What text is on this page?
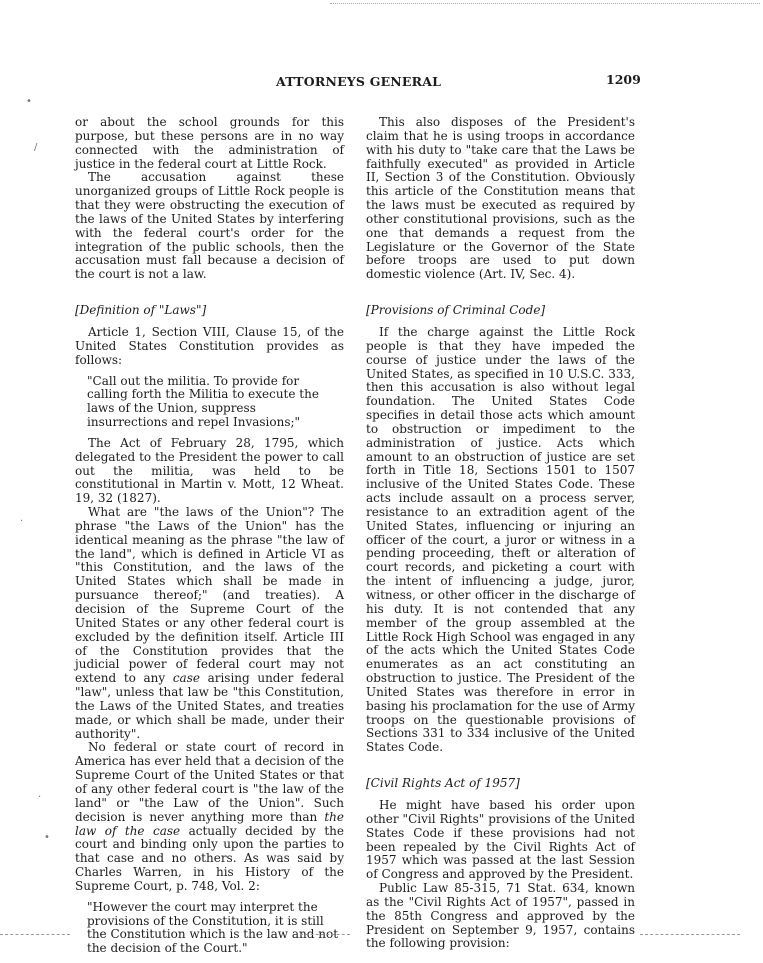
ATTORNEYS GENERAL	1209
•
/
·
·
•

or about the school grounds for this purpose, but these persons are in no way connected with the administration of justice in the federal court at Little Rock.

The accusation against these unorganized groups of Little Rock people is that they were obstructing the execution of the laws of the United States by interfering with the federal court's order for the integration of the public schools, then the accusation must fall because a decision of the court is not a law.

[Definition of "Laws"]

Article 1, Section VIII, Clause 15, of the United States Constitution provides as follows:

"Call out the militia. To provide for calling forth the Militia to execute the laws of the Union, suppress insurrections and repel Invasions;"

The Act of February 28, 1795, which delegated to the President the power to call out the militia, was held to be constitutional in Martin v. Mott, 12 Wheat. 19, 32 (1827).

What are "the laws of the Union"? The phrase "the Laws of the Union" has the identical meaning as the phrase "the law of the land", which is defined in Article VI as "this Constitution, and the laws of the United States which shall be made in pursuance thereof;" (and treaties). A decision of the Supreme Court of the United States or any other federal court is excluded by the definition itself. Article III of the Constitution provides that the judicial power of federal court may not extend to any case arising under federal "law", unless that law be "this Constitution, the Laws of the United States, and treaties made, or which shall be made, under their authority".

No federal or state court of record in America has ever held that a decision of the Supreme Court of the United States or that of any other federal court is "the law of the land" or "the Law of the Union". Such decision is never anything more than the law of the case actually decided by the court and binding only upon the parties to that case and no others. As was said by Charles Warren, in his History of the Supreme Court, p. 748, Vol. 2:

"However the court may interpret the provisions of the Constitution, it is still the Constitution which is the law and not the decision of the Court."

This also disposes of the President's claim that he is using troops in accordance with his duty to "take care that the Laws be faithfully executed" as provided in Article II, Section 3 of the Constitution. Obviously this article of the Constitution means that the laws must be executed as required by other constitutional provisions, such as the one that demands a request from the Legislature or the Governor of the State before troops are used to put down domestic violence (Art. IV, Sec. 4).

[Provisions of Criminal Code]

If the charge against the Little Rock people is that they have impeded the course of justice under the laws of the United States, as specified in 10 U.S.C. 333, then this accusation is also without legal foundation. The United States Code specifies in detail those acts which amount to obstruction or impediment to the administration of justice. Acts which amount to an obstruction of justice are set forth in Title 18, Sections 1501 to 1507 inclusive of the United States Code. These acts include assault on a process server, resistance to an extradition agent of the United States, influencing or injuring an officer of the court, a juror or witness in a pending proceeding, theft or alteration of court records, and picketing a court with the intent of influencing a judge, juror, witness, or other officer in the discharge of his duty. It is not contended that any member of the group assembled at the Little Rock High School was engaged in any of the acts which the United States Code enumerates as an act constituting an obstruction to justice. The President of the United States was therefore in error in basing his proclamation for the use of Army troops on the questionable provisions of Sections 331 to 334 inclusive of the United States Code.

[Civil Rights Act of 1957]

He might have based his order upon other "Civil Rights" provisions of the United States Code if these provisions had not been repealed by the Civil Rights Act of 1957 which was passed at the last Session of Congress and approved by the President.

Public Law 85-315, 71 Stat. 634, known as the "Civil Rights Act of 1957", passed in the 85th Congress and approved by the President on September 9, 1957, contains the following provision:
